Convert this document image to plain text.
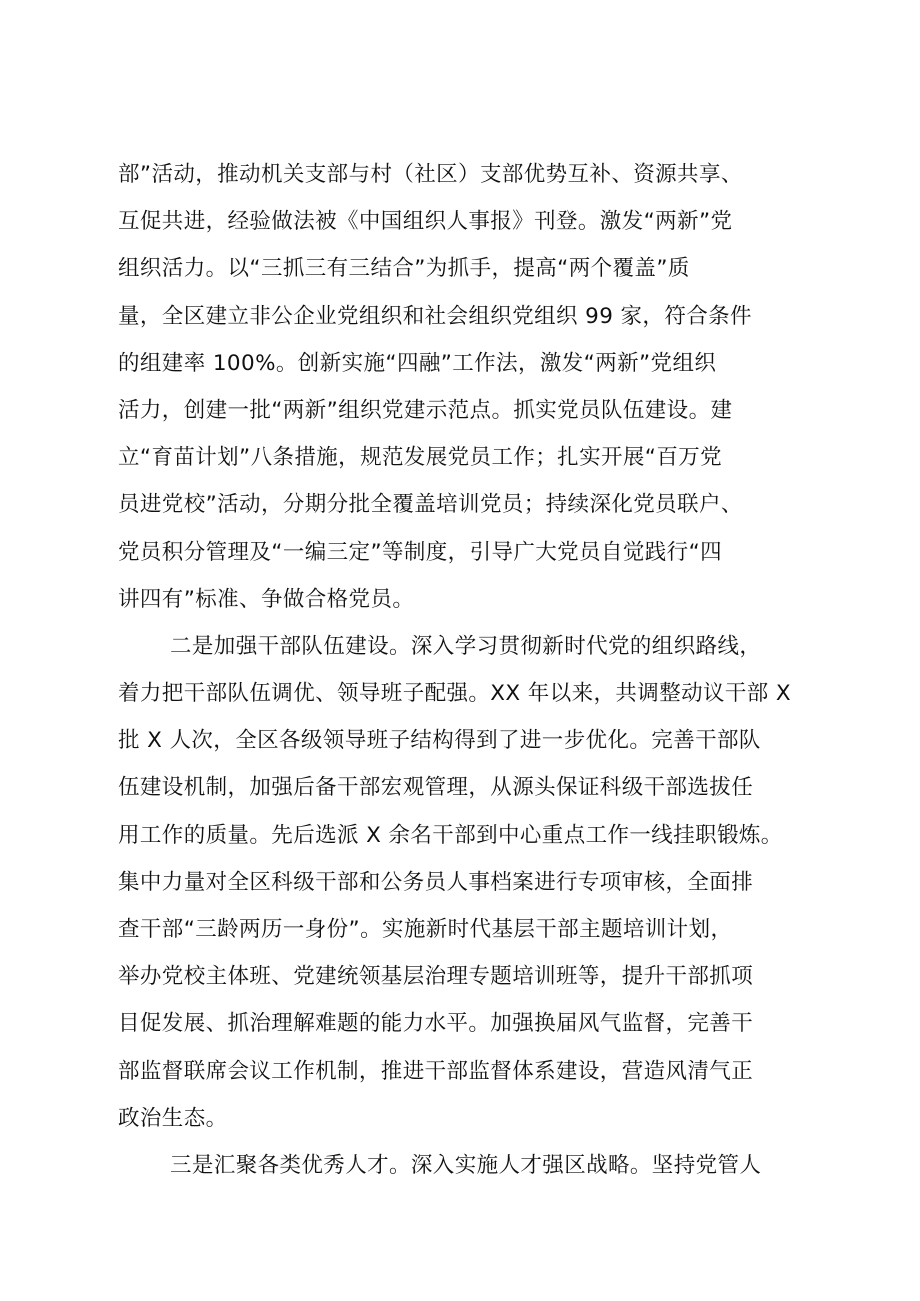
部”活动，推动机关支部与村（社区）支部优势互补、资源共享、
互促共进，经验做法被《中国组织人事报》刊登。激发“两新”党
组织活力。以“三抓三有三结合”为抓手，提高“两个覆盖”质
量，全区建立非公企业党组织和社会组织党组织 99 家，符合条件
的组建率 100%。创新实施“四融”工作法，激发“两新”党组织
活力，创建一批“两新”组织党建示范点。抓实党员队伍建设。建
立“育苗计划”八条措施，规范发展党员工作；扎实开展“百万党
员进党校”活动，分期分批全覆盖培训党员；持续深化党员联户、
党员积分管理及“一编三定”等制度，引导广大党员自觉践行“四
讲四有”标准、争做合格党员。
二是加强干部队伍建设。深入学习贯彻新时代党的组织路线，
着力把干部队伍调优、领导班子配强。XX 年以来，共调整动议干部 X
批 X 人次，全区各级领导班子结构得到了进一步优化。完善干部队
伍建设机制，加强后备干部宏观管理，从源头保证科级干部选拔任
用工作的质量。先后选派 X 余名干部到中心重点工作一线挂职锻炼。
集中力量对全区科级干部和公务员人事档案进行专项审核，全面排
查干部“三龄两历一身份”。实施新时代基层干部主题培训计划，
举办党校主体班、党建统领基层治理专题培训班等，提升干部抓项
目促发展、抓治理解难题的能力水平。加强换届风气监督，完善干
部监督联席会议工作机制，推进干部监督体系建设，营造风清气正
政治生态。
三是汇聚各类优秀人才。深入实施人才强区战略。坚持党管人
